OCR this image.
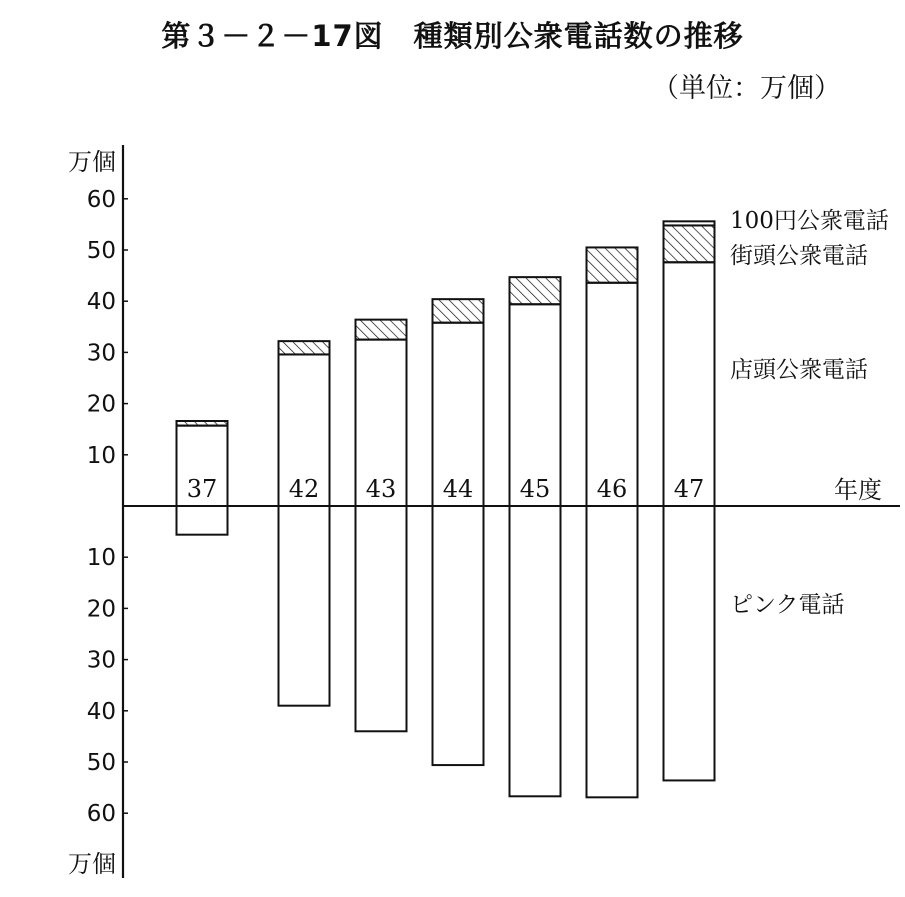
第３－２－17図　種類別公衆電話数の推移

（単位：万個）

万個
万個
10
10
20
20
30
30
40
40
50
50
60
60
37	42 43 44 45 46 47	年度
店頭公衆電話
街頭公衆電話
100円公衆電話
ピンク電話
